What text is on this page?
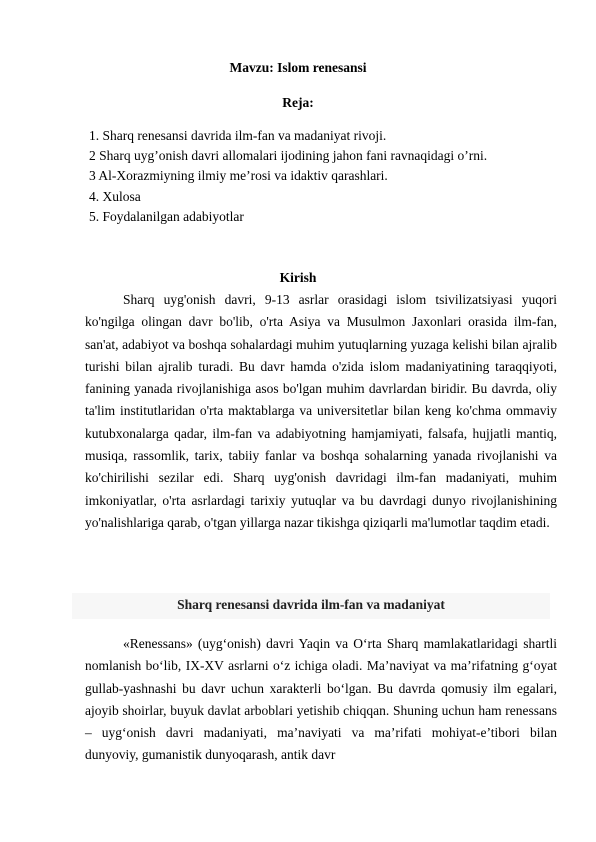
Mavzu: Islom renesansi
Reja:
1. Sharq renesansi davrida ilm-fan va madaniyat rivoji.
2 Sharq uyg’onish davri allomalari ijodining jahon fani ravnaqidagi o’rni.
3 Al-Xorazmiyning ilmiy me’rosi va idaktiv qarashlari.
4. Xulosa
5. Foydalanilgan adabiyotlar
Kirish

Sharq uyg'onish davri, 9-13 asrlar orasidagi islom tsivilizatsiyasi yuqori ko'ngilga olingan davr bo'lib, o'rta Asiya va Musulmon Jaxonlari orasida ilm-fan, san'at, adabiyot va boshqa sohalardagi muhim yutuqlarning yuzaga kelishi bilan ajralib turishi bilan ajralib turadi. Bu davr hamda o'zida islom madaniyatining taraqqiyoti, fanining yanada rivojlanishiga asos bo'lgan muhim davrlardan biridir. Bu davrda, oliy ta'lim institutlaridan o'rta maktablarga va universitetlar bilan keng ko'chma ommaviy kutubxonalarga qadar, ilm-fan va adabiyotning hamjamiyati, falsafa, hujjatli mantiq, musiqa, rassomlik, tarix, tabiiy fanlar va boshqa sohalarning yanada rivojlanishi va ko'chirilishi sezilar edi. Sharq uyg'onish davridagi ilm-fan madaniyati, muhim imkoniyatlar, o'rta asrlardagi tarixiy yutuqlar va bu davrdagi dunyo rivojlanishining yo'nalishlariga qarab, o'tgan yillarga nazar tikishga qiziqarli ma'lumotlar taqdim etadi.

Sharq renesansi davrida ilm-fan va madaniyat

«Renessans» (uyg‘onish) davri Yaqin va O‘rta Sharq mamlakatlaridagi shartli nomlanish bo‘lib, IX-XV asrlarni o‘z ichiga oladi. Ma’naviyat va ma’rifatning g‘oyat gullab-yashnashi bu davr uchun xarakterli bo‘lgan. Bu davrda qomusiy ilm egalari, ajoyib shoirlar, buyuk davlat arboblari yetishib chiqqan. Shuning uchun ham renessans – uyg‘onish davri madaniyati, ma’naviyati va ma’rifati mohiyat-e’tibori bilan dunyoviy, gumanistik dunyoqarash, antik davr
